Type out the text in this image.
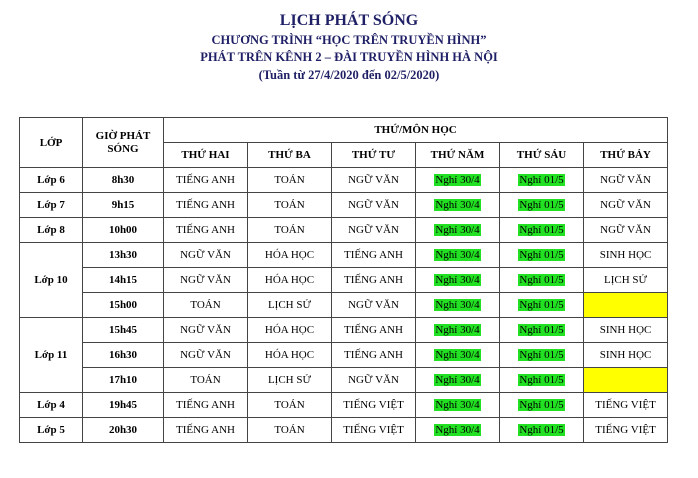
LỊCH PHÁT SÓNG
CHƯƠNG TRÌNH “HỌC TRÊN TRUYỀN HÌNH”
PHÁT TRÊN KÊNH 2 – ĐÀI TRUYỀN HÌNH HÀ NỘI
(Tuần từ 27/4/2020 đến 02/5/2020)
LỚP	GIỜ PHÁT SÓNG	THỨ/MÔN HỌC					
		THỨ HAI	THỨ BA	THỨ TƯ	THỨ NĂM	THỨ SÁU	THỨ BẢY
Lớp 6	8h30	TIẾNG ANH	TOÁN	NGỮ VĂN	Nghỉ 30/4	Nghỉ 01/5	NGỮ VĂN
Lớp 7	9h15	TIẾNG ANH	TOÁN	NGỮ VĂN	Nghỉ 30/4	Nghỉ 01/5	NGỮ VĂN
Lớp 8	10h00	TIẾNG ANH	TOÁN	NGỮ VĂN	Nghỉ 30/4	Nghỉ 01/5	NGỮ VĂN
Lớp 10	13h30	NGỮ VĂN	HÓA HỌC	TIẾNG ANH	Nghỉ 30/4	Nghỉ 01/5	SINH HỌC
	14h15	NGỮ VĂN	HÓA HỌC	TIẾNG ANH	Nghỉ 30/4	Nghỉ 01/5	LỊCH SỬ
	15h00	TOÁN	LỊCH SỬ	NGỮ VĂN	Nghỉ 30/4	Nghỉ 01/5	
Lớp 11	15h45	NGỮ VĂN	HÓA HỌC	TIẾNG ANH	Nghỉ 30/4	Nghỉ 01/5	SINH HỌC
	16h30	NGỮ VĂN	HÓA HỌC	TIẾNG ANH	Nghỉ 30/4	Nghỉ 01/5	SINH HỌC
	17h10	TOÁN	LỊCH SỬ	NGỮ VĂN	Nghỉ 30/4	Nghỉ 01/5	
Lớp 4	19h45	TIẾNG ANH	TOÁN	TIẾNG VIỆT	Nghỉ 30/4	Nghỉ 01/5	TIẾNG VIỆT
Lớp 5	20h30	TIẾNG ANH	TOÁN	TIẾNG VIỆT	Nghỉ 30/4	Nghỉ 01/5	TIẾNG VIỆT
